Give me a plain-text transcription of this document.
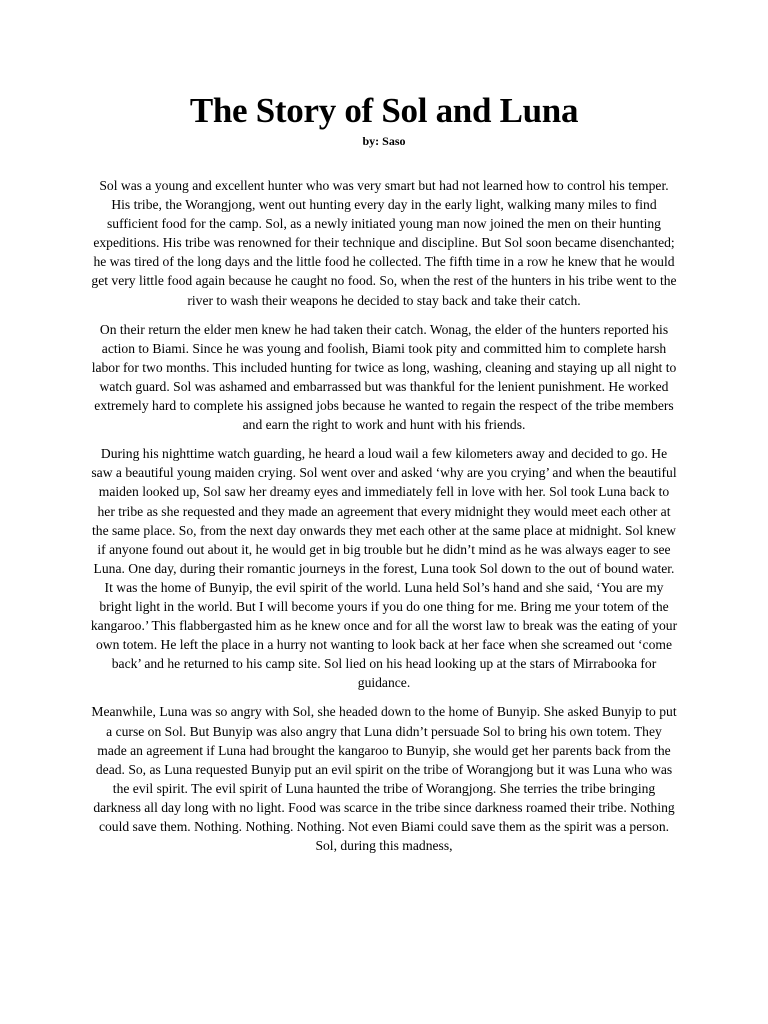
The Story of Sol and Luna
by: Saso

Sol was a young and excellent hunter who was very smart but had not learned how to control his temper. His tribe, the Worangjong, went out hunting every day in the early light, walking many miles to find sufficient food for the camp. Sol, as a newly initiated young man now joined the men on their hunting expeditions. His tribe was renowned for their technique and discipline. But Sol soon became disenchanted; he was tired of the long days and the little food he collected. The fifth time in a row he knew that he would get very little food again because he caught no food. So, when the rest of the hunters in his tribe went to the river to wash their weapons he decided to stay back and take their catch.

On their return the elder men knew he had taken their catch. Wonag, the elder of the hunters reported his action to Biami. Since he was young and foolish, Biami took pity and committed him to complete harsh labor for two months. This included hunting for twice as long, washing, cleaning and staying up all night to watch guard. Sol was ashamed and embarrassed but was thankful for the lenient punishment. He worked extremely hard to complete his assigned jobs because he wanted to regain the respect of the tribe members and earn the right to work and hunt with his friends.

During his nighttime watch guarding, he heard a loud wail a few kilometers away and decided to go. He saw a beautiful young maiden crying. Sol went over and asked ‘why are you crying’ and when the beautiful maiden looked up, Sol saw her dreamy eyes and immediately fell in love with her. Sol took Luna back to her tribe as she requested and they made an agreement that every midnight they would meet each other at the same place. So, from the next day onwards they met each other at the same place at midnight. Sol knew if anyone found out about it, he would get in big trouble but he didn’t mind as he was always eager to see Luna. One day, during their romantic journeys in the forest, Luna took Sol down to the out of bound water. It was the home of Bunyip, the evil spirit of the world. Luna held Sol’s hand and she said, ‘You are my bright light in the world. But I will become yours if you do one thing for me. Bring me your totem of the kangaroo.’ This flabbergasted him as he knew once and for all the worst law to break was the eating of your own totem. He left the place in a hurry not wanting to look back at her face when she screamed out ‘come back’ and he returned to his camp site. Sol lied on his head looking up at the stars of Mirrabooka for guidance.

Meanwhile, Luna was so angry with Sol, she headed down to the home of Bunyip. She asked Bunyip to put a curse on Sol. But Bunyip was also angry that Luna didn’t persuade Sol to bring his own totem. They made an agreement if Luna had brought the kangaroo to Bunyip, she would get her parents back from the dead. So, as Luna requested Bunyip put an evil spirit on the tribe of Worangjong but it was Luna who was the evil spirit. The evil spirit of Luna haunted the tribe of Worangjong. She terries the tribe bringing darkness all day long with no light. Food was scarce in the tribe since darkness roamed their tribe. Nothing could save them. Nothing. Nothing. Nothing. Not even Biami could save them as the spirit was a person. Sol, during this madness,
